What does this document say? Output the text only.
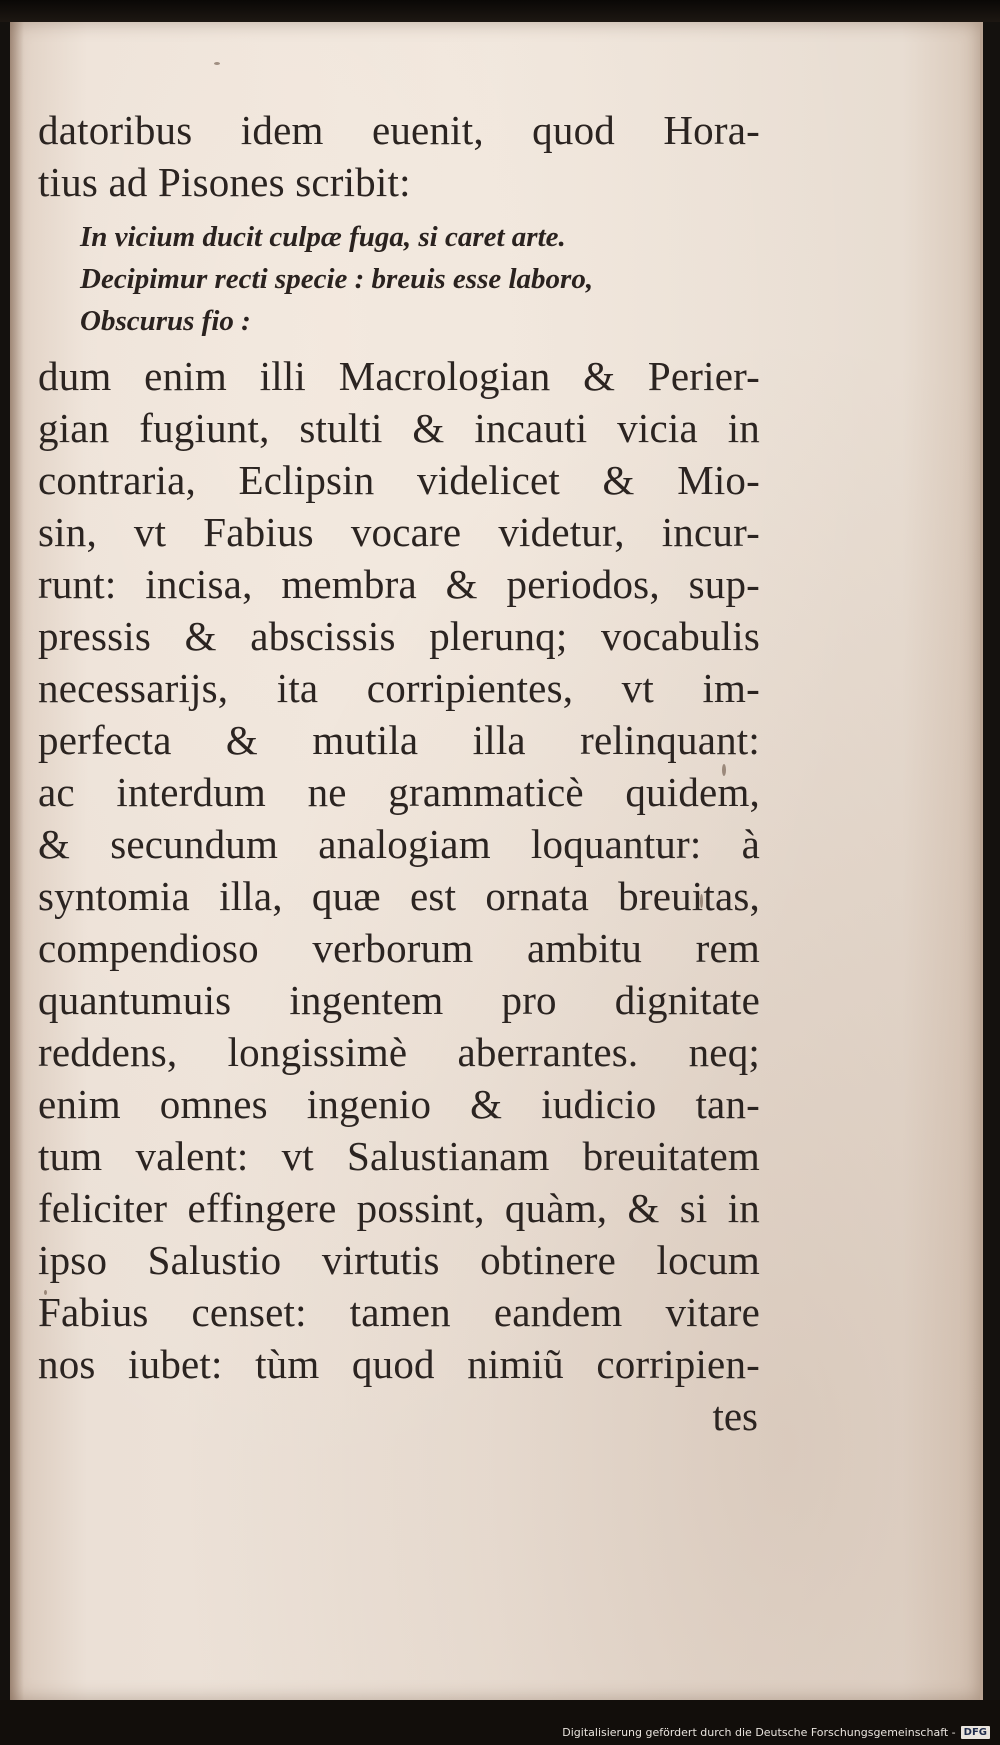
datoribus idem euenit, quod Hora-
tius ad Pisones scribit:
In vicium ducit culpæ fuga, si caret arte.
Decipimur recti specie : breuis esse laboro,
Obscurus fio :
dum enim illi Macrologian & Perier-
gian fugiunt, stulti & incauti vicia in
contraria, Eclipsin videlicet & Mio-
sin, vt Fabius vocare videtur, incur-
runt: incisa, membra & periodos, sup-
pressis & abscissis plerunq; vocabulis
necessarijs, ita corripientes, vt im-
perfecta & mutila illa relinquant:
ac interdum ne grammaticè quidem,
& secundum analogiam loquantur: à
syntomia illa, quæ est ornata breuitas,
compendioso verborum ambitu rem
quantumuis ingentem pro dignitate
reddens, longissimè aberrantes. neq;
enim omnes ingenio & iudicio tan-
tum valent: vt Salustianam breuitatem
feliciter effingere possint, quàm, & si in
ipso Salustio virtutis obtinere locum
Fabius censet: tamen eandem vitare
nos iubet: tùm quod nimiũ corripien-
tes
Digitalisierung gefördert durch die Deutsche Forschungsgemeinschaft - DFG
